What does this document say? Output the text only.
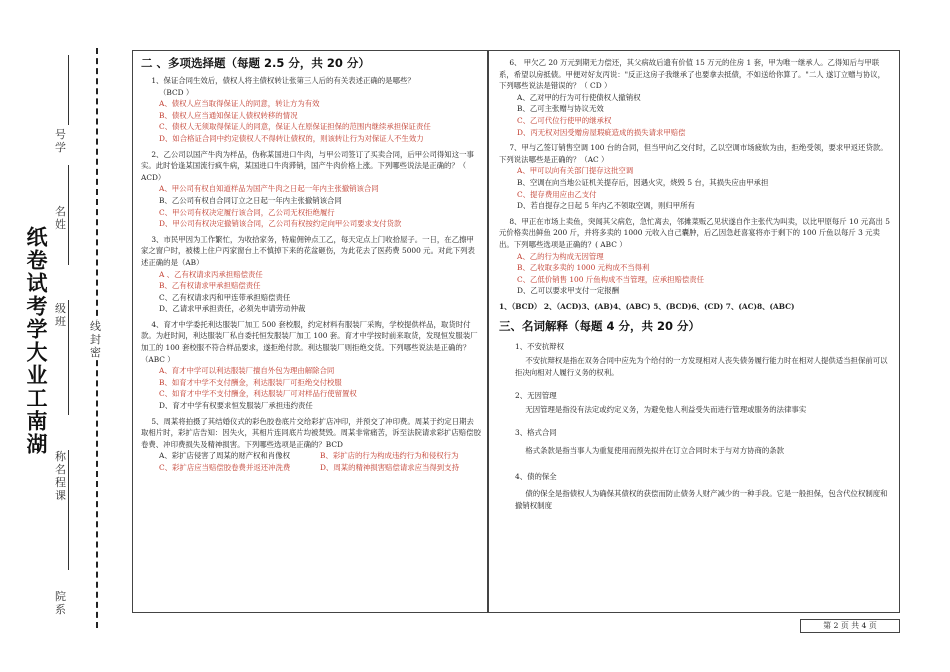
纸卷试考学大业工南湖
号学
名姓
级班
称名程课
院系
线封密
二 、多项选择题（每题 2.5 分，共 20 分）

1、保证合同生效后，债权人将主债权转让张第三人后的有关表述正确的是哪些？

（BCD ）

A、债权人应当取得保证人的同意，转让方为有效

B、债权人应当通知保证人债权转移的情况

C、债权人无须取得保证人的同意，保证人在原保证担保的范围内继续承担保证责任

D、如合格证合同中约定债权人不得转让债权的，则该转让行为对保证人不生效力

2、乙公司以国产牛肉为样品，伪称某国进口牛肉，与甲公司签订了买卖合同，后甲公司得知这一事实。此时恰逢某国流行疯牛病，某国进口牛肉滞销，国产牛肉价格上涨。下列哪些说法是正确的？（ ACD）

A、甲公司有权自知道样品为国产牛肉之日起一年内主张撤销该合同

B、乙公司有权自合同订立之日起一年内主张撤销该合同

C、甲公司有权决定履行该合同，乙公司无权拒绝履行

D、甲公司有权决定撤销该合同，乙公司有权按约定向甲公司要求支付货款

3、市民甲因为工作繁忙，为收拾家务，特雇佣钟点工乙，每天定点上门收拾屋子。一日，在乙擦甲家之窗户时，被楼上住户丙家窗台上不慎掉下来的花盆砸伤，为此花去了医药费 5000 元。对此下列表述正确的是（AB）

A 、乙有权请求丙承担赔偿责任

B、乙有权请求甲承担赔偿责任

C、乙有权请求丙和甲连带承担赔偿责任

D、乙请求甲承担责任，必须先申请劳动仲裁

4、育才中学委托利达服装厂加工 500 套校服，约定材料有服装厂采购，学校提供样品，取货时付款。为赶时间，利达服装厂私自委托恒发服装厂加工 100 套。育才中学按时前来取货，发现恒发服装厂加工的 100 套校服不符合样品要求，遂拒绝付款。利达服装厂则拒绝交货。下列哪些说法是正确的？（ABC ）

A、育才中学可以利达服装厂擅自外包为理由解除合同

B、如育才中学不支付酬金，利达服装厂可拒绝交付校服

C、如育才中学不支付酬金，利达服装厂可对样品行使留置权

D、育才中学有权要求恒发服装厂承担违约责任

5、周某将拍摄了其结婚仪式的彩色胶卷底片交给彩扩店冲印，并预交了冲印费。周某于约定日期去取相片时，彩扩店告知：因失火，其相片连同底片均被焚毁。周某非常痛苦，诉至法院请求彩扩店赔偿胶卷费、冲印费损失及精神损害。下列哪些选项是正确的？BCD

A、彩扩店侵害了周某的财产权和肖像权	B、彩扩店的行为构成违约行为和侵权行为
C、彩扩店应当赔偿胶卷费并返还冲洗费	D、周某的精神损害赔偿请求应当得到支持

6、 甲欠乙 20 万元到期无力偿还，其父病故后遗有价值 15 万元的住房 1 套，甲为唯一继承人。乙得知后与甲联系，希望以房抵债。甲便对好友丙说："反正这房子我继承了也要拿去抵债，不如送给你算了。"二人 遂订立赠与协议，下列哪些说法是错误的？（ CD ）

A、乙对甲的行为可行使债权人撤销权

B、乙可主张赠与协议无效

C、乙可代位行使甲的继承权

D、丙无权对因受赠房屋瑕疵造成的损失请求甲赔偿

7、甲与乙签订销售空调 100 台的合同，但当甲向乙交付时，乙以空调市场疲软为由，拒绝受领，要求甲返还贷款。下列说法哪些是正确的？（AC ）

A、甲可以向有关部门提存这批空调

B、空调在向当地公证机关提存后，因遇火灾，烧毁 5 台，其损失应由甲承担

C、提存费用应由乙支付

D、若自提存之日起 5 年内乙不领取空调，则归甲所有

8、甲正在市场上卖鱼，突闻其父病危，急忙离去，邻摊菜贩乙见状遂自作主张代为叫卖，以比甲原每斤 10 元高出 5 元价格卖出鲜鱼 200 斤，并将多卖的 1000 元收入自己囊肿，后乙因急赶喜宴将亦于剩下的 100 斤鱼以每斤 3 元卖出。下列哪些选项是正确的？( ABC ）

A、乙的行为构成无因管理

B、乙收取多卖的 1000 元构成不当得利

C、乙低价销售 100 斤鱼构成不当管理，应承担赔偿责任

D、乙可以要求甲支付一定报酬

1、（BCD） 2、（ACD)3、(AB)4、(ABC) 5、(BCD)6、(CD) 7、(AC)8、(ABC)

三、名词解释（每题 4 分，共 20 分）

1、不安抗辩权

不安抗辩权是指在双务合同中应先为个给付的一方发现相对人丧失债务履行能力时在相对人提供适当担保前可以拒决向相对人履行义务的权利。

2、无因管理

无因管理是指没有法定或约定义务，为避免他人利益受失而进行管理或服务的法律事实

3、格式合同

格式条款是指当事人为重复使用而预先拟并在订立合同时未于与对方协商的条款

4、债的保全

债的保全是指债权人为确保其债权的获偿而防止债务人财产减少的一种手段。它是一般担保，包含代位权制度和撤销权制度

第 2 页 共 4 页
